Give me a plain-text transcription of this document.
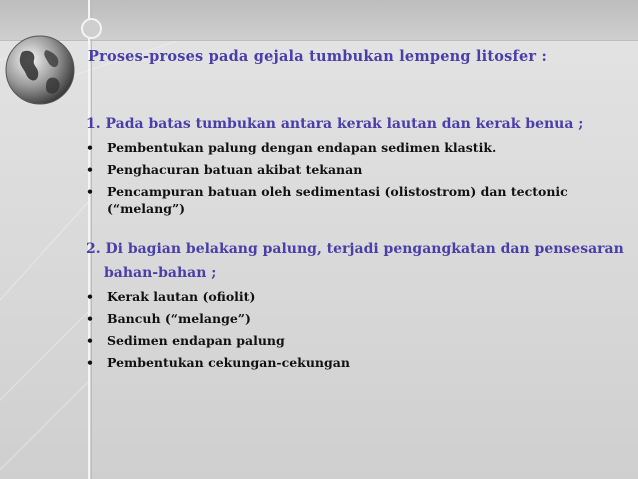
Proses-proses pada gejala tumbukan lempeng litosfer :

1. Pada batas tumbukan antara kerak lautan dan kerak benua ;

• Pembentukan palung dengan endapan sedimen klastik.
• Penghacuran batuan akibat tekanan
• Pencampuran batuan oleh sedimentasi (olistostrom) dan tectonic (“melang”)

2. Di bagian belakang palung, terjadi pengangkatan dan pensesaran

bahan-bahan ;

• Kerak lautan (ofiolit)
• Bancuh (“melange”)
• Sedimen endapan palung
• Pembentukan cekungan-cekungan
